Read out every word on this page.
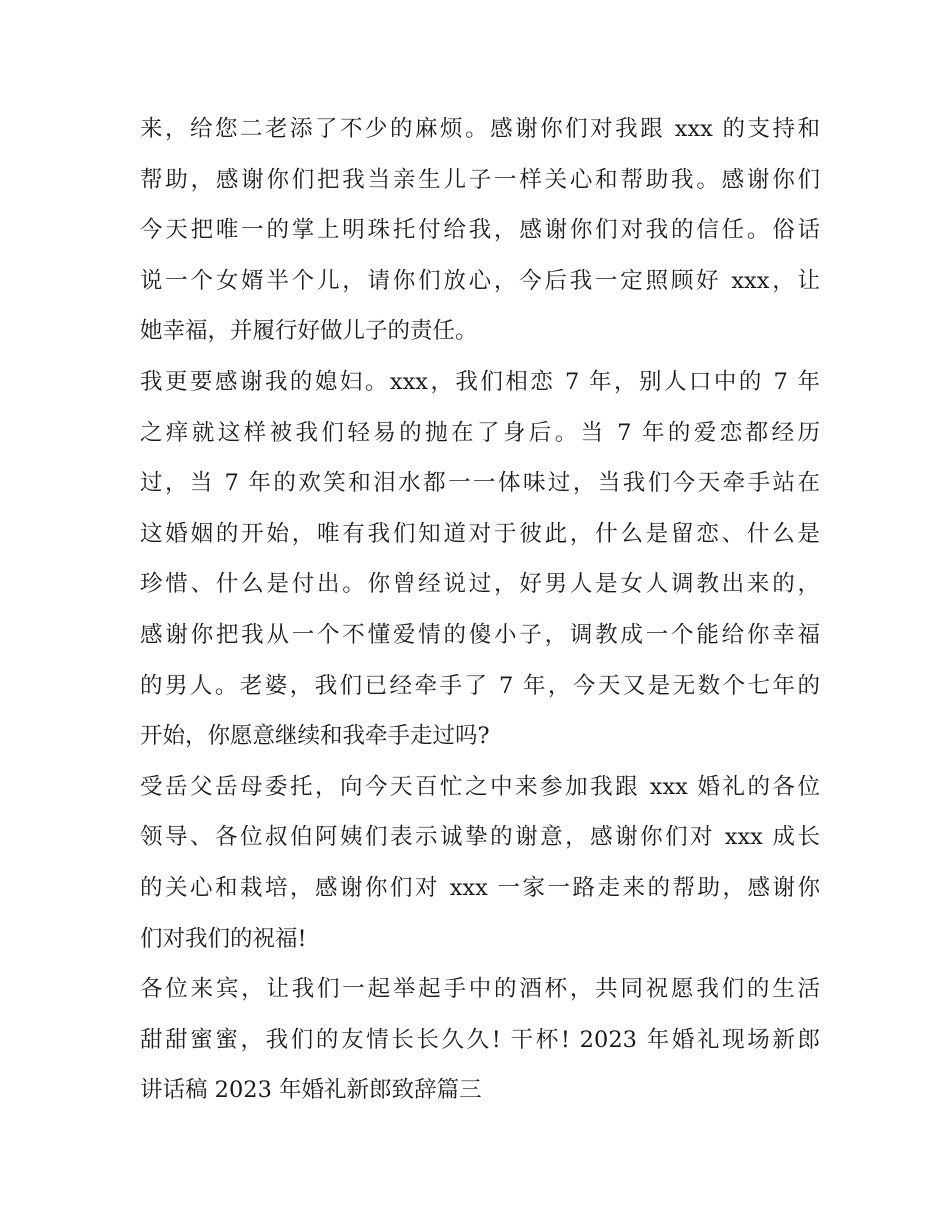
来，给您二老添了不少的麻烦。感谢你们对我跟 xxx 的支持和
帮助，感谢你们把我当亲生儿子一样关心和帮助我。感谢你们
今天把唯一的掌上明珠托付给我，感谢你们对我的信任。俗话
说一个女婿半个儿，请你们放心，今后我一定照顾好 xxx，让
她幸福，并履行好做儿子的责任。
我更要感谢我的媳妇。xxx，我们相恋 7 年，别人口中的 7 年
之痒就这样被我们轻易的抛在了身后。当 7 年的爱恋都经历
过，当 7 年的欢笑和泪水都一一体味过，当我们今天牵手站在
这婚姻的开始，唯有我们知道对于彼此，什么是留恋、什么是
珍惜、什么是付出。你曾经说过，好男人是女人调教出来的，
感谢你把我从一个不懂爱情的傻小子，调教成一个能给你幸福
的男人。老婆，我们已经牵手了 7 年，今天又是无数个七年的
开始，你愿意继续和我牵手走过吗?
受岳父岳母委托，向今天百忙之中来参加我跟 xxx 婚礼的各位
领导、各位叔伯阿姨们表示诚挚的谢意，感谢你们对 xxx 成长
的关心和栽培，感谢你们对 xxx 一家一路走来的帮助，感谢你
们对我们的祝福!
各位来宾，让我们一起举起手中的酒杯，共同祝愿我们的生活
甜甜蜜蜜，我们的友情长长久久! 干杯! 2023 年婚礼现场新郎
讲话稿 2023 年婚礼新郎致辞篇三
